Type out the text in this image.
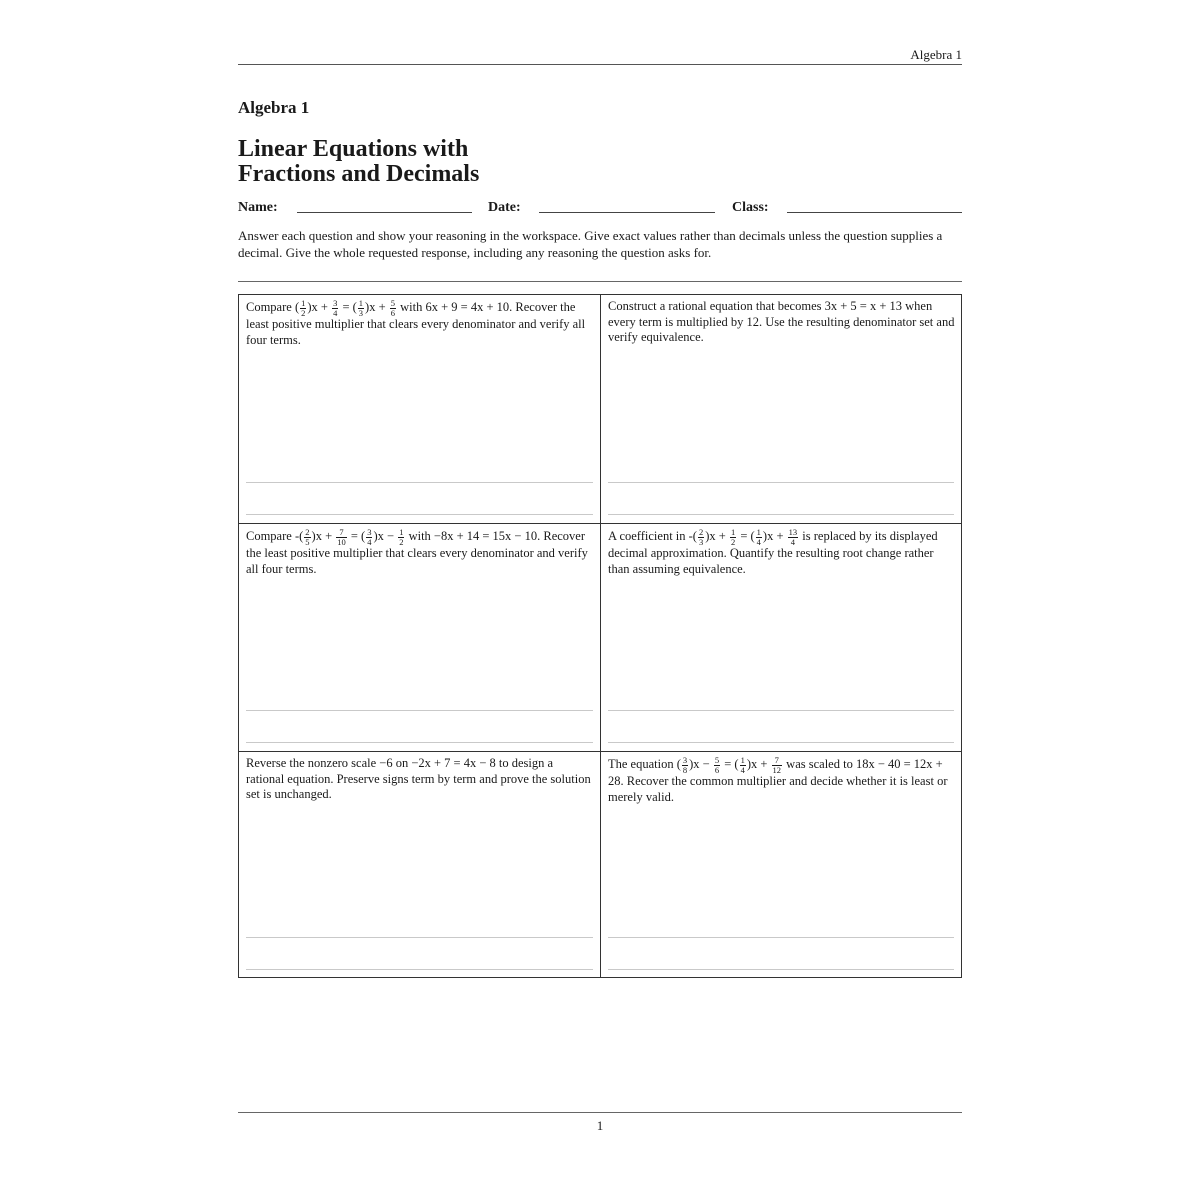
Algebra 1
Algebra 1
Linear Equations with
Fractions and Decimals
Name:	Date:	Class:

Answer each question and show your reasoning in the workspace. Give exact values rather than decimals unless the question supplies a decimal. Give the whole requested response, including any reasoning the question asks for.

Compare ( $\frac{1}{2} )x + \frac{3}{4}$ = ( $\frac{1}{3} )x + \frac{5}{6}$ with 6x + 9 = 4x + 10. Recover the least positive multiplier that clears every denominator and verify all four terms.

Construct a rational equation that becomes 3x + 5 = x + 13 when every term is multiplied by 12. Use the resulting denominator set and verify equivalence.

Compare -( $\frac{2}{5} )x + \frac{7}{10}$ = ( $\frac{3}{4} )x - \frac{1}{2}$ with −8x + 14 = 15x − 10. Recover the least positive multiplier that clears every denominator and verify all four terms.

A coefficient in -( $\frac{2}{3} )x + \frac{1}{2}$ = ( $\frac{1}{4} )x + \frac{13}{4}$ is replaced by its displayed decimal approximation. Quantify the resulting root change rather than assuming equivalence.

Reverse the nonzero scale −6 on −2x + 7 = 4x − 8 to design a rational equation. Preserve signs term by term and prove the solution set is unchanged.

The equation ( $\frac{3}{8} )x - \frac{5}{6}$ = ( $\frac{1}{4} )x + \frac{7}{12}$ was scaled to 18x − 40 = 12x + 28. Recover the common multiplier and decide whether it is least or merely valid.

1
